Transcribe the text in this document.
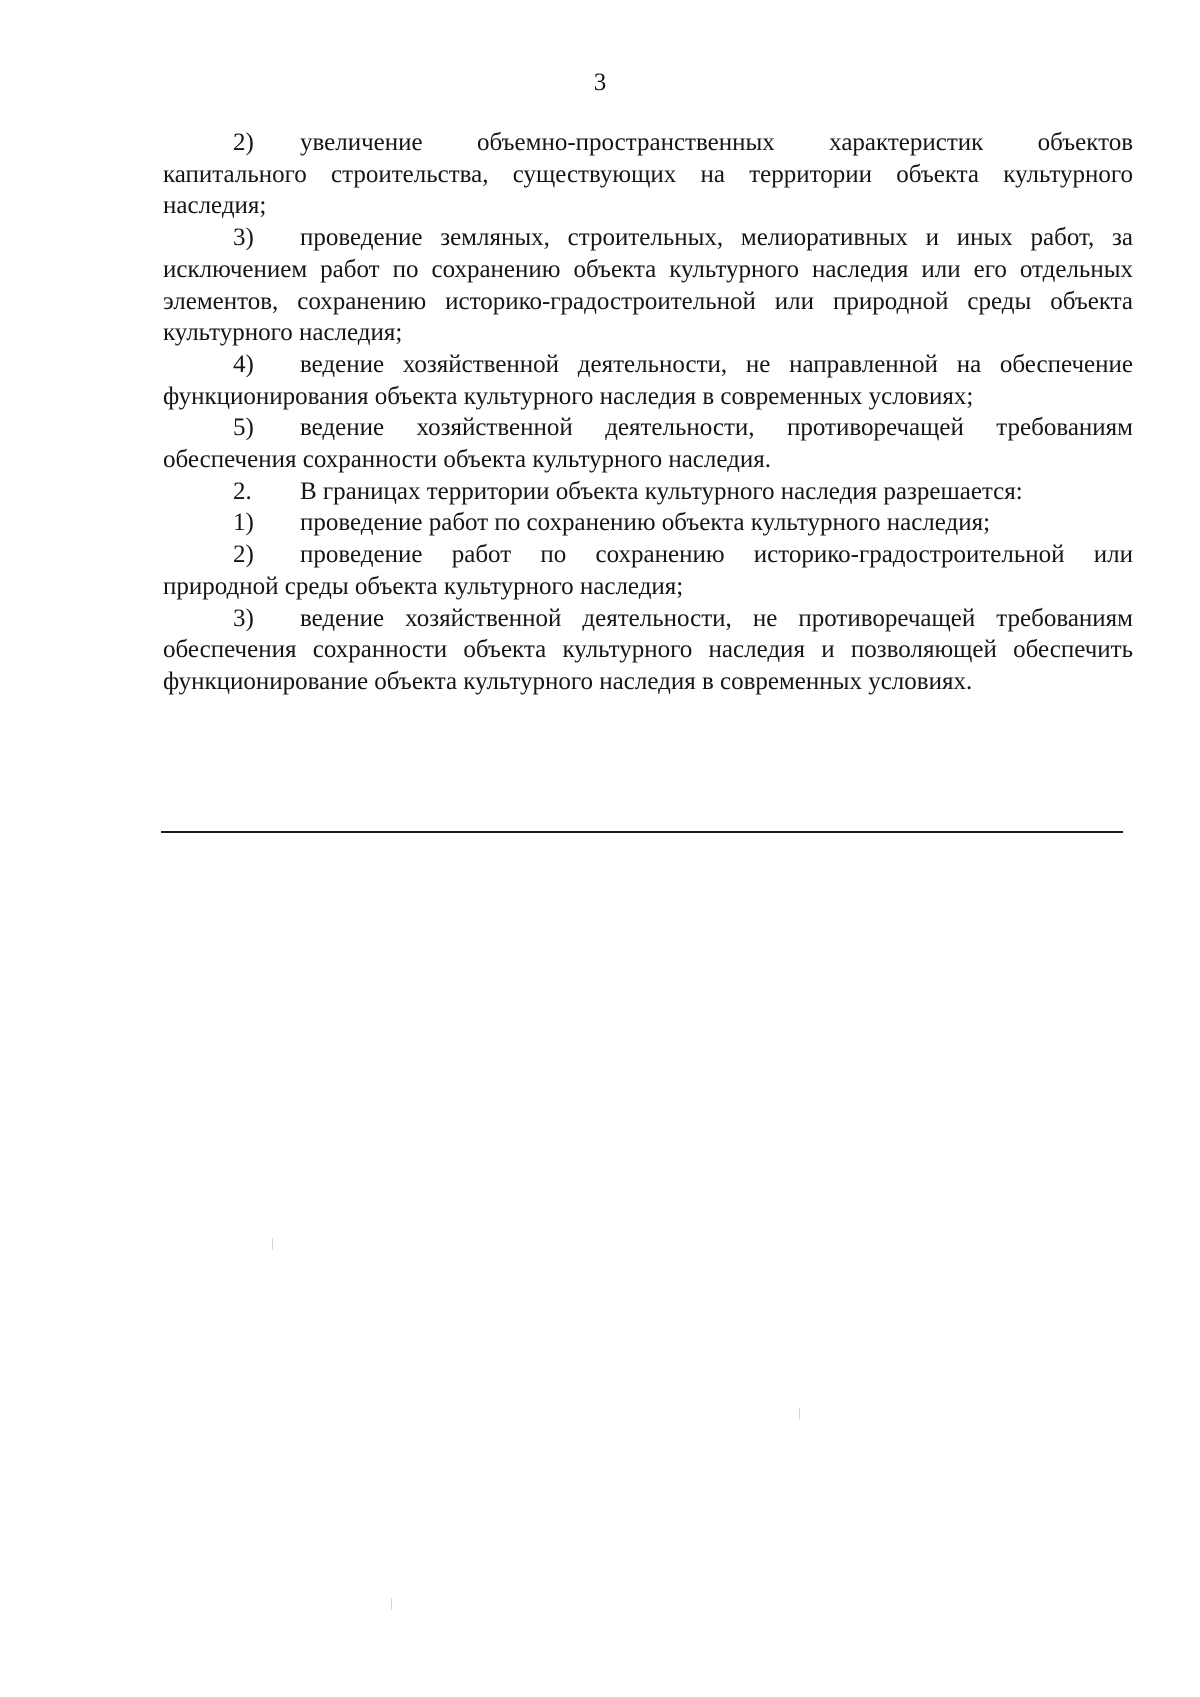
3

2) увеличение объемно-пространственных характеристик объектов капитального строительства, существующих на территории объекта культурного наследия;

3) проведение земляных, строительных, мелиоративных и иных работ, за исключением работ по сохранению объекта культурного наследия или его отдельных элементов, сохранению историко-градостроительной или природной среды объекта культурного наследия;

4) ведение хозяйственной деятельности, не направленной на обеспечение функционирования объекта культурного наследия в современных условиях;

5) ведение хозяйственной деятельности, противоречащей требованиям обеспечения сохранности объекта культурного наследия.

2. В границах территории объекта культурного наследия разрешается:

1) проведение работ по сохранению объекта культурного наследия;

2) проведение работ по сохранению историко-градостроительной или природной среды объекта культурного наследия;

3) ведение хозяйственной деятельности, не противоречащей требованиям обеспечения сохранности объекта культурного наследия и позволяющей обеспечить функционирование объекта культурного наследия в современных условиях.
